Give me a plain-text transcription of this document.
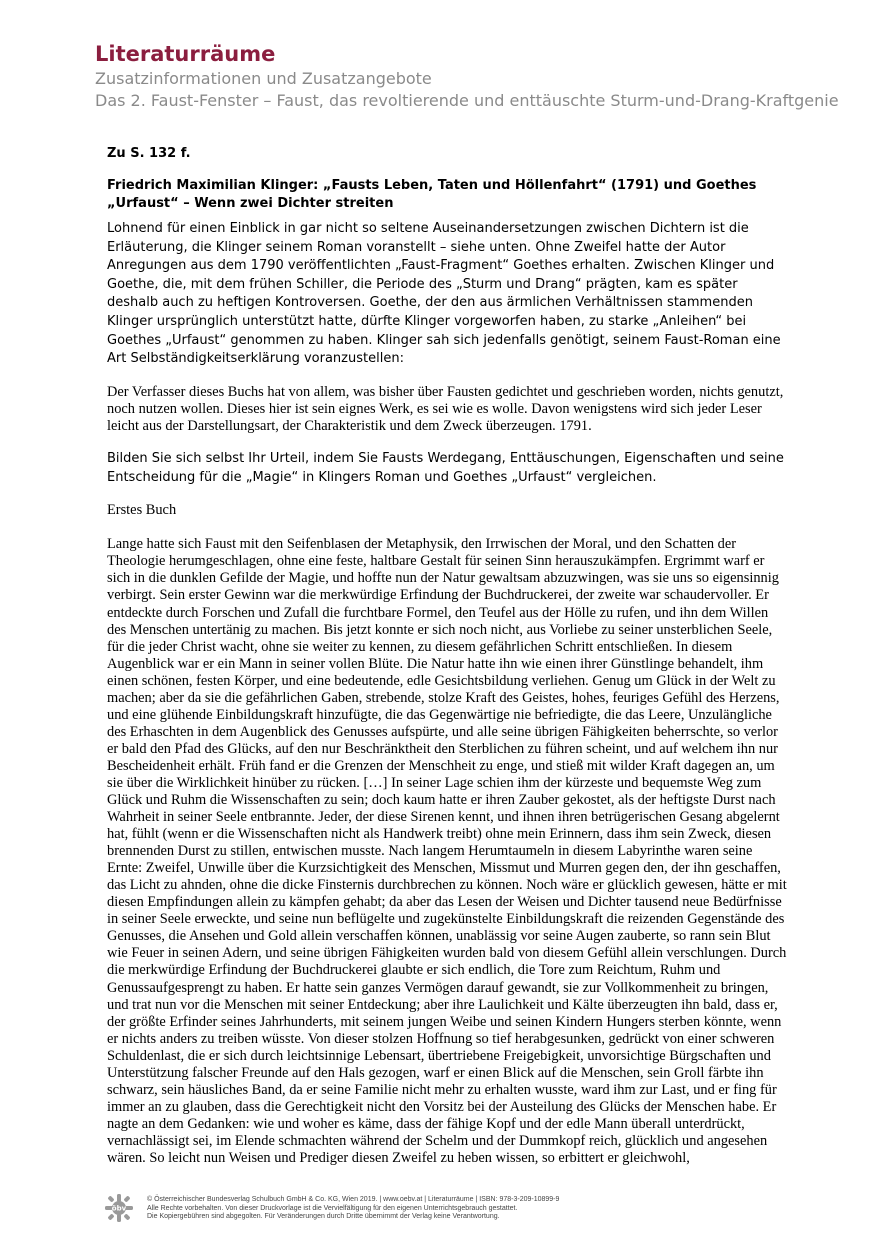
Literaturräume
Zusatzinformationen und Zusatzangebote
Das 2. Faust-Fenster – Faust, das revoltierende und enttäuschte Sturm-und-Drang-Kraftgenie

Zu S. 132 f.

Friedrich Maximilian Klinger: „Fausts Leben, Taten und Höllenfahrt“ (1791) und Goethes „Urfaust“ – Wenn zwei Dichter streiten

Lohnend für einen Einblick in gar nicht so seltene Auseinandersetzungen zwischen Dichtern ist die Erläuterung, die Klinger seinem Roman voranstellt – siehe unten. Ohne Zweifel hatte der Autor Anregungen aus dem 1790 veröffentlichten „Faust-Fragment“ Goethes erhalten. Zwischen Klinger und Goethe, die, mit dem frühen Schiller, die Periode des „Sturm und Drang“ prägten, kam es später deshalb auch zu heftigen Kontroversen. Goethe, der den aus ärmlichen Verhältnissen stammenden Klinger ursprünglich unterstützt hatte, dürfte Klinger vorgeworfen haben, zu starke „Anleihen“ bei Goethes „Urfaust“ genommen zu haben. Klinger sah sich jedenfalls genötigt, seinem Faust-Roman eine Art Selbständigkeitserklärung voranzustellen:

Der Verfasser dieses Buchs hat von allem, was bisher über Fausten gedichtet und geschrieben worden, nichts genutzt, noch nutzen wollen. Dieses hier ist sein eignes Werk, es sei wie es wolle. Davon wenigstens wird sich jeder Leser leicht aus der Darstellungsart, der Charakteristik und dem Zweck überzeugen. 1791.

Bilden Sie sich selbst Ihr Urteil, indem Sie Fausts Werdegang, Enttäuschungen, Eigenschaften und seine Entscheidung für die „Magie“ in Klingers Roman und Goethes „Urfaust“ vergleichen.

Erstes Buch

Lange hatte sich Faust mit den Seifenblasen der Metaphysik, den Irrwischen der Moral, und den Schatten der Theologie herumgeschlagen, ohne eine feste, haltbare Gestalt für seinen Sinn herauszukämpfen. Ergrimmt warf er sich in die dunklen Gefilde der Magie, und hoffte nun der Natur gewaltsam abzuzwingen, was sie uns so eigensinnig verbirgt. Sein erster Gewinn war die merkwürdige Erfindung der Buchdruckerei, der zweite war schaudervoller. Er entdeckte durch Forschen und Zufall die furchtbare Formel, den Teufel aus der Hölle zu rufen, und ihn dem Willen des Menschen untertänig zu machen. Bis jetzt konnte er sich noch nicht, aus Vorliebe zu seiner unsterblichen Seele, für die jeder Christ wacht, ohne sie weiter zu kennen, zu diesem gefährlichen Schritt entschließen. In diesem Augenblick war er ein Mann in seiner vollen Blüte. Die Natur hatte ihn wie einen ihrer Günstlinge behandelt, ihm einen schönen, festen Körper, und eine bedeutende, edle Gesichtsbildung verliehen. Genug um Glück in der Welt zu machen; aber da sie die gefährlichen Gaben, strebende, stolze Kraft des Geistes, hohes, feuriges Gefühl des Herzens, und eine glühende Einbildungskraft hinzufügte, die das Gegenwärtige nie befriedigte, die das Leere, Unzulängliche des Erhaschten in dem Augenblick des Genusses aufspürte, und alle seine übrigen Fähigkeiten beherrschte, so verlor er bald den Pfad des Glücks, auf den nur Beschränktheit den Sterblichen zu führen scheint, und auf welchem ihn nur Bescheidenheit erhält. Früh fand er die Grenzen der Menschheit zu enge, und stieß mit wilder Kraft dagegen an, um sie über die Wirklichkeit hinüber zu rücken. […] In seiner Lage schien ihm der kürzeste und bequemste Weg zum Glück und Ruhm die Wissenschaften zu sein; doch kaum hatte er ihren Zauber gekostet, als der heftigste Durst nach Wahrheit in seiner Seele entbrannte. Jeder, der diese Sirenen kennt, und ihnen ihren betrügerischen Gesang abgelernt hat, fühlt (wenn er die Wissenschaften nicht als Handwerk treibt) ohne mein Erinnern, dass ihm sein Zweck, diesen brennenden Durst zu stillen, entwischen musste. Nach langem Herumtaumeln in diesem Labyrinthe waren seine Ernte: Zweifel, Unwille über die Kurzsichtigkeit des Menschen, Missmut und Murren gegen den, der ihn geschaffen, das Licht zu ahnden, ohne die dicke Finsternis durchbrechen zu können. Noch wäre er glücklich gewesen, hätte er mit diesen Empfindungen allein zu kämpfen gehabt; da aber das Lesen der Weisen und Dichter tausend neue Bedürfnisse in seiner Seele erweckte, und seine nun beflügelte und zugekünstelte Einbildungskraft die reizenden Gegenstände des Genusses, die Ansehen und Gold allein verschaffen können, unablässig vor seine Augen zauberte, so rann sein Blut wie Feuer in seinen Adern, und seine übrigen Fähigkeiten wurden bald von diesem Gefühl allein verschlungen. Durch die merkwürdige Erfindung der Buchdruckerei glaubte er sich endlich, die Tore zum Reichtum, Ruhm und Genussaufgesprengt zu haben. Er hatte sein ganzes Vermögen darauf gewandt, sie zur Vollkommenheit zu bringen, und trat nun vor die Menschen mit seiner Entdeckung; aber ihre Laulichkeit und Kälte überzeugten ihn bald, dass er, der größte Erfinder seines Jahrhunderts, mit seinem jungen Weibe und seinen Kindern Hungers sterben könnte, wenn er nichts anders zu treiben wüsste. Von dieser stolzen Hoffnung so tief herabgesunken, gedrückt von einer schweren Schuldenlast, die er sich durch leichtsinnige Lebensart, übertriebene Freigebigkeit, unvorsichtige Bürgschaften und Unterstützung falscher Freunde auf den Hals gezogen, warf er einen Blick auf die Menschen, sein Groll färbte ihn schwarz, sein häusliches Band, da er seine Familie nicht mehr zu erhalten wusste, ward ihm zur Last, und er fing für immer an zu glauben, dass die Gerechtigkeit nicht den Vorsitz bei der Austeilung des Glücks der Menschen habe. Er nagte an dem Gedanken: wie und woher es käme, dass der fähige Kopf und der edle Mann überall unterdrückt, vernachlässigt sei, im Elende schmachten während der Schelm und der Dummkopf reich, glücklich und angesehen wären. So leicht nun Weisen und Prediger diesen Zweifel zu heben wissen, so erbittert er gleichwohl,

öbv
© Österreichischer Bundesverlag Schulbuch GmbH & Co. KG, Wien 2019. | www.oebv.at | Literaturräume | ISBN: 978-3-209-10899-9
Alle Rechte vorbehalten. Von dieser Druckvorlage ist die Vervielfältigung für den eigenen Unterrichtsgebrauch gestattet.
Die Kopiergebühren sind abgegolten. Für Veränderungen durch Dritte übernimmt der Verlag keine Verantwortung.
